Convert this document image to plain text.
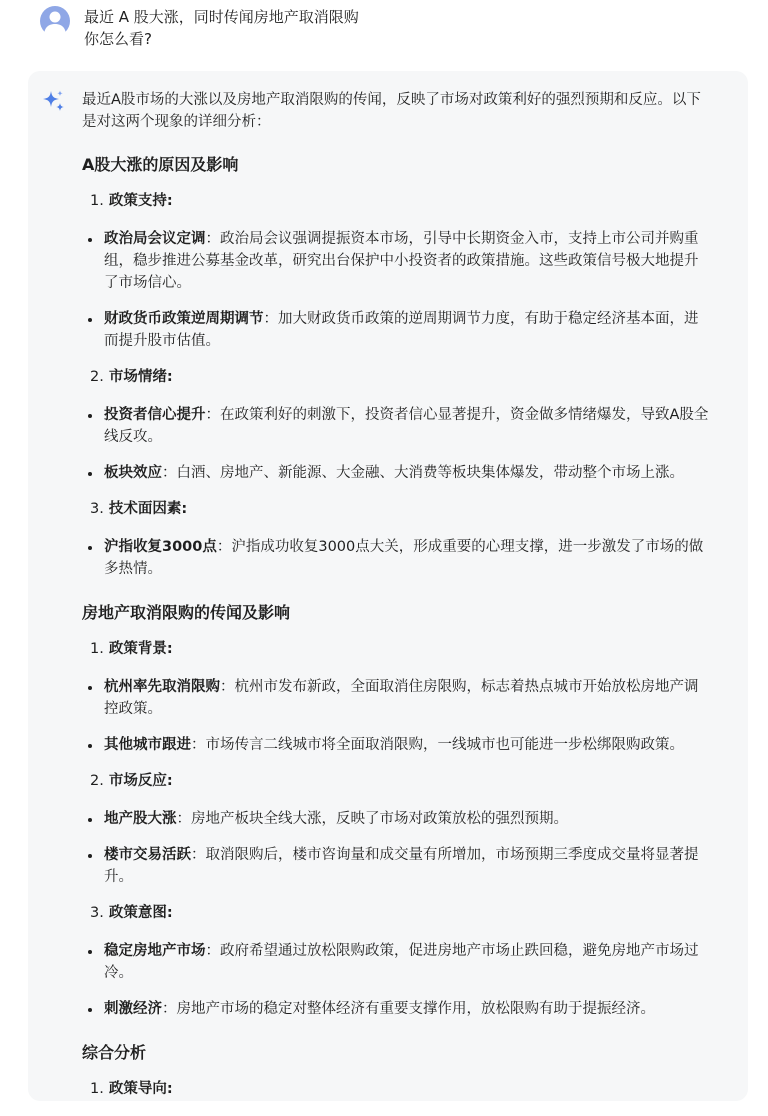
最近 A 股大涨，同时传闻房地产取消限购
你怎么看?

最近A股市场的大涨以及房地产取消限购的传闻，反映了市场对政策利好的强烈预期和反应。以下是对这两个现象的详细分析：

A股大涨的原因及影响
1. 政策支持:
政治局会议定调：政治局会议强调提振资本市场，引导中长期资金入市，支持上市公司并购重组，稳步推进公募基金改革，研究出台保护中小投资者的政策措施。这些政策信号极大地提升了市场信心。
财政货币政策逆周期调节：加大财政货币政策的逆周期调节力度，有助于稳定经济基本面，进而提升股市估值。
2. 市场情绪:
投资者信心提升：在政策利好的刺激下，投资者信心显著提升，资金做多情绪爆发，导致A股全线反攻。
板块效应：白酒、房地产、新能源、大金融、大消费等板块集体爆发，带动整个市场上涨。
3. 技术面因素:
沪指收复3000点：沪指成功收复3000点大关，形成重要的心理支撑，进一步激发了市场的做多热情。
房地产取消限购的传闻及影响
1. 政策背景:
杭州率先取消限购：杭州市发布新政，全面取消住房限购，标志着热点城市开始放松房地产调控政策。
其他城市跟进：市场传言二线城市将全面取消限购，一线城市也可能进一步松绑限购政策。
2. 市场反应:
地产股大涨：房地产板块全线大涨，反映了市场对政策放松的强烈预期。
楼市交易活跃：取消限购后，楼市咨询量和成交量有所增加，市场预期三季度成交量将显著提升。
3. 政策意图:
稳定房地产市场：政府希望通过放松限购政策，促进房地产市场止跌回稳，避免房地产市场过冷。
刺激经济：房地产市场的稳定对整体经济有重要支撑作用，放松限购有助于提振经济。
综合分析
1. 政策导向:
